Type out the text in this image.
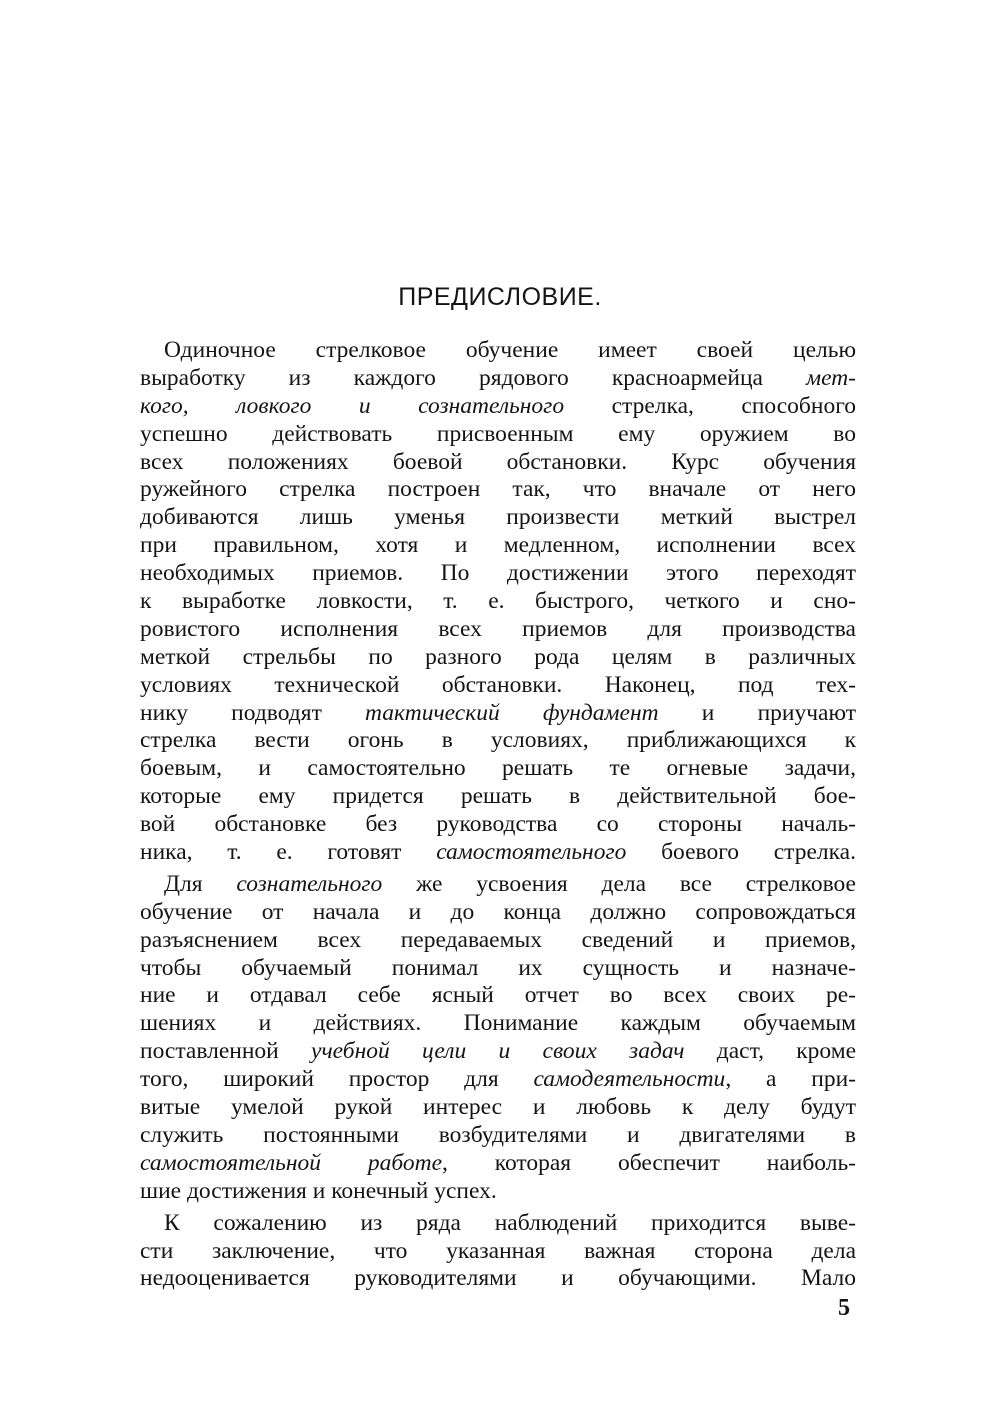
ПРЕДИСЛОВИЕ.
Одиночное стрелковое обучение имеет своей целью
выработку из каждого рядового красноармейца мет-
кого, ловкого и сознательного стрелка, способного
успешно действовать присвоенным ему оружием во
всех положениях боевой обстановки. Курс обучения
ружейного стрелка построен так, что вначале от него
добиваются лишь уменья произвести меткий выстрел
при правильном, хотя и медленном, исполнении всех
необходимых приемов. По достижении этого переходят
к выработке ловкости, т. е. быстрого, четкого и сно-
ровистого исполнения всех приемов для производства
меткой стрельбы по разного рода целям в различных
условиях технической обстановки. Наконец, под тех-
нику подводят тактический фундамент и приучают
стрелка вести огонь в условиях, приближающихся к
боевым, и самостоятельно решать те огневые задачи,
которые ему придется решать в действительной бое-
вой обстановке без руководства со стороны началь-
ника, т. е. готовят самостоятельного боевого стрелка.
Для сознательного же усвоения дела все стрелковое
обучение от начала и до конца должно сопровождаться
разъяснением всех передаваемых сведений и приемов,
чтобы обучаемый понимал их сущность и назначе-
ние и отдавал себе ясный отчет во всех своих ре-
шениях и действиях. Понимание каждым обучаемым
поставленной учебной цели и своих задач даст, кроме
того, широкий простор для самодеятельности, а при-
витые умелой рукой интерес и любовь к делу будут
служить постоянными возбудителями и двигателями в
самостоятельной работе, которая обеспечит наиболь-
шие достижения и конечный успех.
К сожалению из ряда наблюдений приходится выве-
сти заключение, что указанная важная сторона дела
недооценивается руководителями и обучающими. Мало
5
